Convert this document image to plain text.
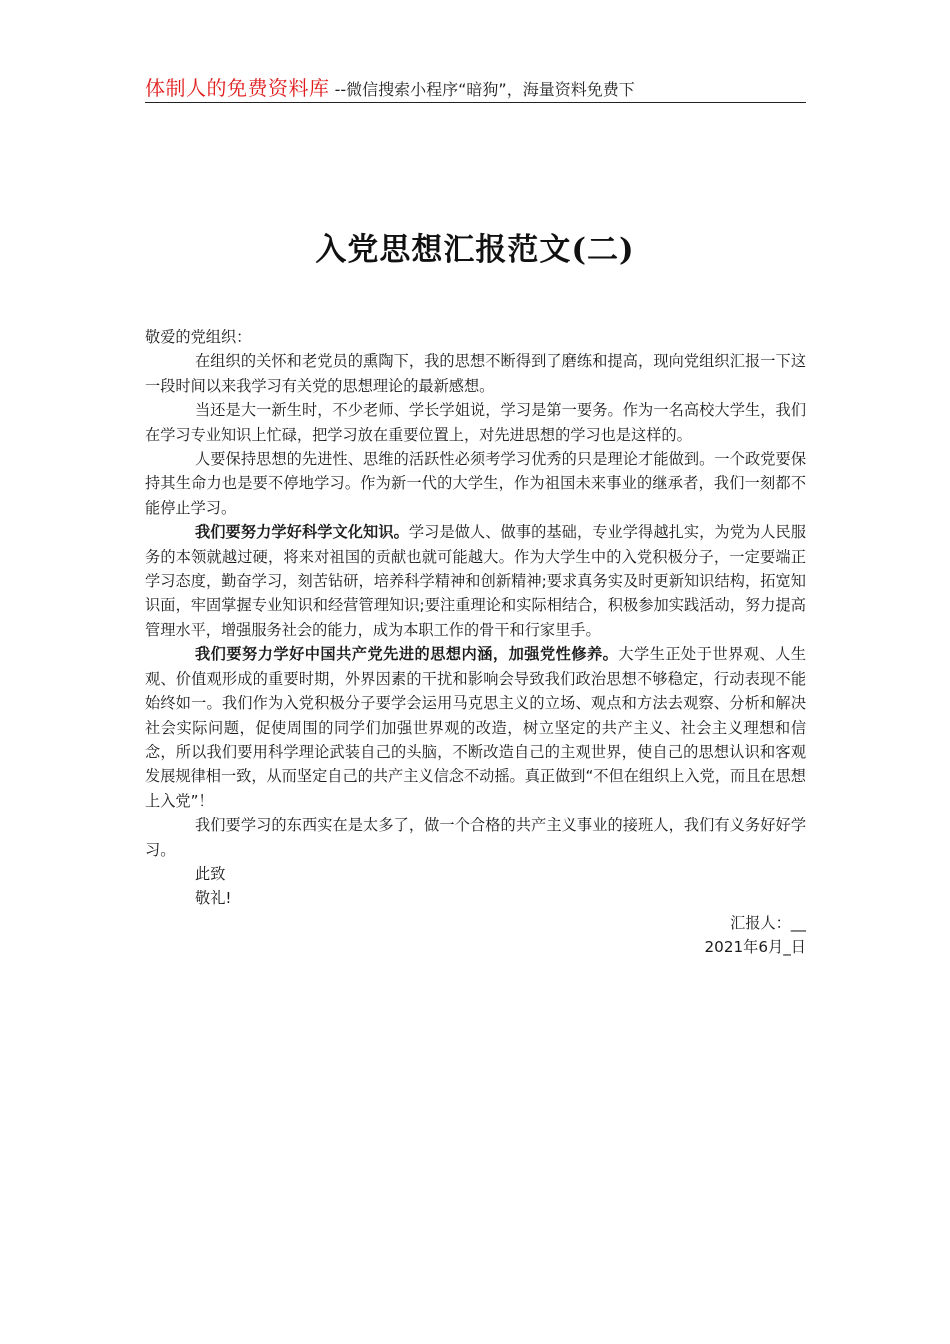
体制人的免费资料库 --微信搜索小程序“暗狗”，海量资料免费下
入党思想汇报范文(二)

敬爱的党组织：

在组织的关怀和老党员的熏陶下，我的思想不断得到了磨练和提高，现向党组织汇报一下这一段时间以来我学习有关党的思想理论的最新感想。

当还是大一新生时，不少老师、学长学姐说，学习是第一要务。作为一名高校大学生，我们在学习专业知识上忙碌，把学习放在重要位置上，对先进思想的学习也是这样的。

人要保持思想的先进性、思维的活跃性必须考学习优秀的只是理论才能做到。一个政党要保持其生命力也是要不停地学习。作为新一代的大学生，作为祖国未来事业的继承者，我们一刻都不能停止学习。

我们要努力学好科学文化知识。学习是做人、做事的基础，专业学得越扎实，为党为人民服务的本领就越过硬，将来对祖国的贡献也就可能越大。作为大学生中的入党积极分子，一定要端正学习态度，勤奋学习，刻苦钻研，培养科学精神和创新精神;要求真务实及时更新知识结构，拓宽知识面，牢固掌握专业知识和经营管理知识;要注重理论和实际相结合，积极参加实践活动，努力提高管理水平，增强服务社会的能力，成为本职工作的骨干和行家里手。

我们要努力学好中国共产党先进的思想内涵，加强党性修养。大学生正处于世界观、人生观、价值观形成的重要时期，外界因素的干扰和影响会导致我们政治思想不够稳定，行动表现不能始终如一。我们作为入党积极分子要学会运用马克思主义的立场、观点和方法去观察、分析和解决社会实际问题，促使周围的同学们加强世界观的改造，树立坚定的共产主义、社会主义理想和信念，所以我们要用科学理论武装自己的头脑，不断改造自己的主观世界，使自己的思想认识和客观发展规律相一致，从而坚定自己的共产主义信念不动摇。真正做到“不但在组织上入党，而且在思想上入党”！

我们要学习的东西实在是太多了，做一个合格的共产主义事业的接班人，我们有义务好好学习。

此致

敬礼!

汇报人：__

2021年6月_日
